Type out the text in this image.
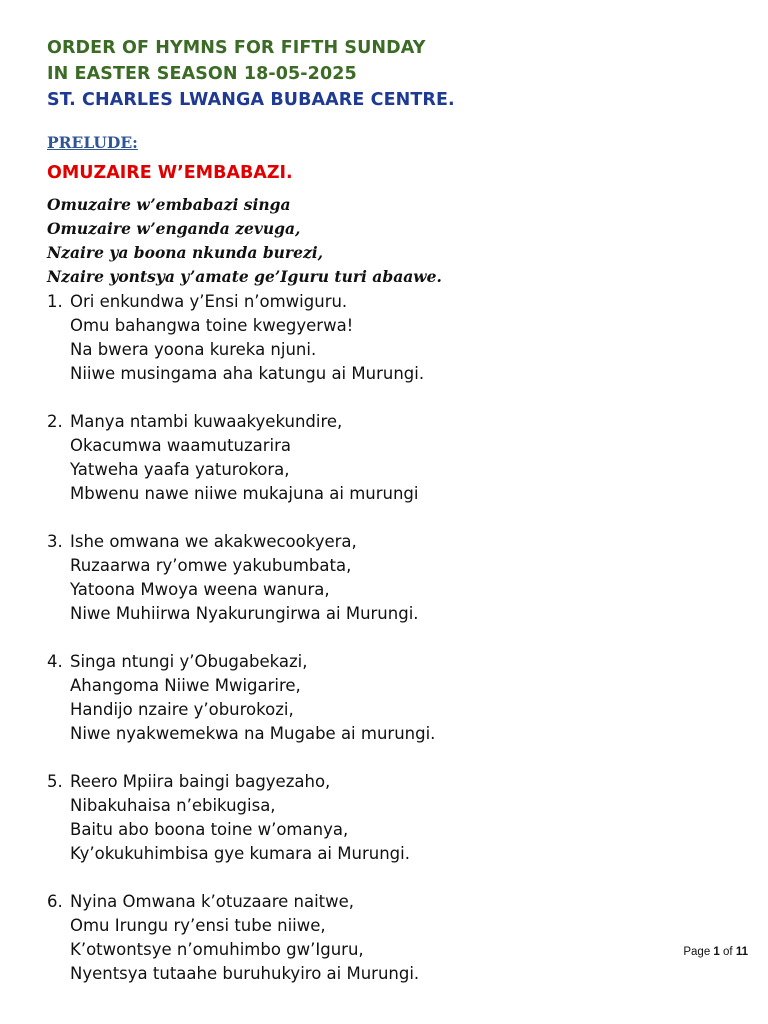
ORDER OF HYMNS FOR FIFTH SUNDAY
IN EASTER SEASON 18-05-2025
ST. CHARLES LWANGA BUBAARE CENTRE.
PRELUDE:
OMUZAIRE W’EMBABAZI.
Omuzaire w’embabazi singa
Omuzaire w’enganda zevuga,
Nzaire ya boona nkunda burezi,
Nzaire yontsya y’amate ge’Iguru turi abaawe.
1. Ori enkundwa y’Ensi n’omwiguru.
Omu bahangwa toine kwegyerwa!
Na bwera yoona kureka njuni.
Niiwe musingama aha katungu ai Murungi.
2. Manya ntambi kuwaakyekundire,
Okacumwa waamutuzarira
Yatweha yaafa yaturokora,
Mbwenu nawe niiwe mukajuna ai murungi
3. Ishe omwana we akakwecookyera,
Ruzaarwa ry’omwe yakubumbata,
Yatoona Mwoya weena wanura,
Niwe Muhiirwa Nyakurungirwa ai Murungi.
4. Singa ntungi y’Obugabekazi,
Ahangoma Niiwe Mwigarire,
Handijo nzaire y’oburokozi,
Niwe nyakwemekwa na Mugabe ai murungi.
5. Reero Mpiira baingi bagyezaho,
Nibakuhaisa n’ebikugisa,
Baitu abo boona toine w’omanya,
Ky’okukuhimbisa gye kumara ai Murungi.
6. Nyina Omwana k’otuzaare naitwe,
Omu Irungu ry’ensi tube niiwe,
K’otwontsye n’omuhimbo gw’Iguru,
Nyentsya tutaahe buruhukyiro ai Murungi.
Page 1 of 11
